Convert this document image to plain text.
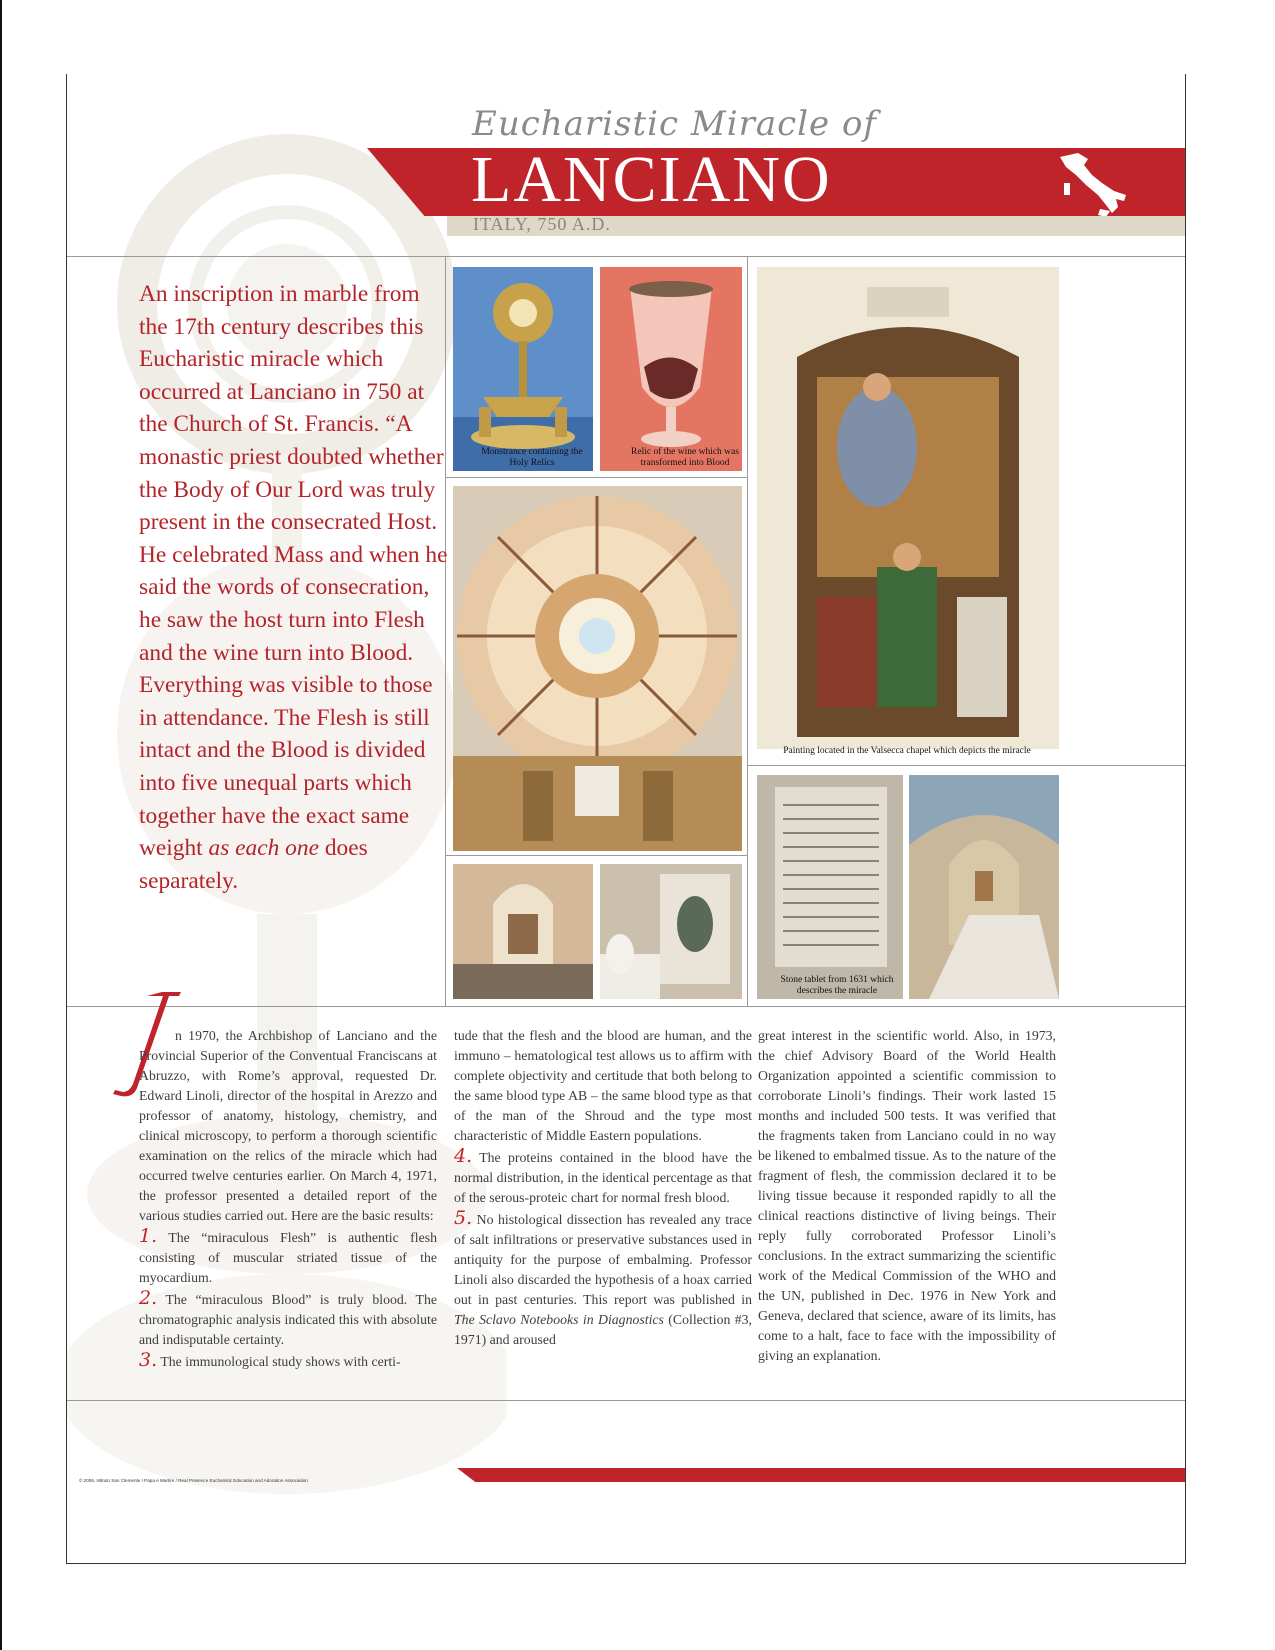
Eucharistic Miracle of
LANCIANO
ITALY, 750 A.D.
An inscription in marble from the 17th century describes this Eucharistic miracle which occurred at Lanciano in 750 at the Church of St. Francis. “A monastic priest doubted whether the Body of Our Lord was truly present in the consecrated Host. He celebrated Mass and when he said the words of consecration, he saw the host turn into Flesh and the wine turn into Blood. Everything was visible to those in attendance. The Flesh is still intact and the Blood is divided into five unequal parts which together have the exact same weight as each one does separately.
Monstrance containing the Holy Relics
Relic of the wine which was transformed into Blood
Painting located in the Valsecca chapel which depicts the miracle
Stone tablet from 1631 which describes the miracle

n 1970, the Archbishop of Lanciano and the Provincial Superior of the Conventual Franciscans at Abruzzo, with Rome’s approval, requested Dr. Edward Linoli, director of the hospital in Arezzo and professor of anatomy, histology, chemistry, and clinical microscopy, to perform a thorough scientific examination on the relics of the miracle which had occurred twelve centuries earlier. On March 4, 1971, the professor presented a detailed report of the various studies carried out. Here are the basic results:

1. The “miraculous Flesh” is authentic flesh consisting of muscular striated tissue of the myocardium.

2. The “miraculous Blood” is truly blood. The chromatographic analysis indicated this with absolute and indisputable certainty.

3. The immunological study shows with certi-

tude that the flesh and the blood are human, and the immuno – hematological test allows us to affirm with complete objectivity and certitude that both belong to the same blood type AB – the same blood type as that of the man of the Shroud and the type most characteristic of Middle Eastern populations.

4. The proteins contained in the blood have the normal distribution, in the identical percentage as that of the serous-proteic chart for normal fresh blood.

5. No histological dissection has revealed any trace of salt infiltrations or preservative substances used in antiquity for the purpose of embalming. Professor Linoli also discarded the hypothesis of a hoax carried out in past centuries. This report was published in The Sclavo Notebooks in Diagnostics (Collection #3, 1971) and aroused

great interest in the scientific world. Also, in 1973, the chief Advisory Board of the World Health Organization appointed a scientific commission to corroborate Linoli’s findings. Their work lasted 15 months and included 500 tests. It was verified that the fragments taken from Lanciano could in no way be likened to embalmed tissue. As to the nature of the fragment of flesh, the commission declared it to be living tissue because it responded rapidly to all the clinical reactions distinctive of living beings. Their reply fully corroborated Professor Linoli’s conclusions. In the extract summarizing the scientific work of the Medical Commission of the WHO and the UN, published in Dec. 1976 in New York and Geneva, declared that science, aware of its limits, has come to a halt, face to face with the impossibility of giving an explanation.

© 2006, Istituto San Clemente I Papa e Martire / Real Presence Eucharistic Education and Adoration Association
